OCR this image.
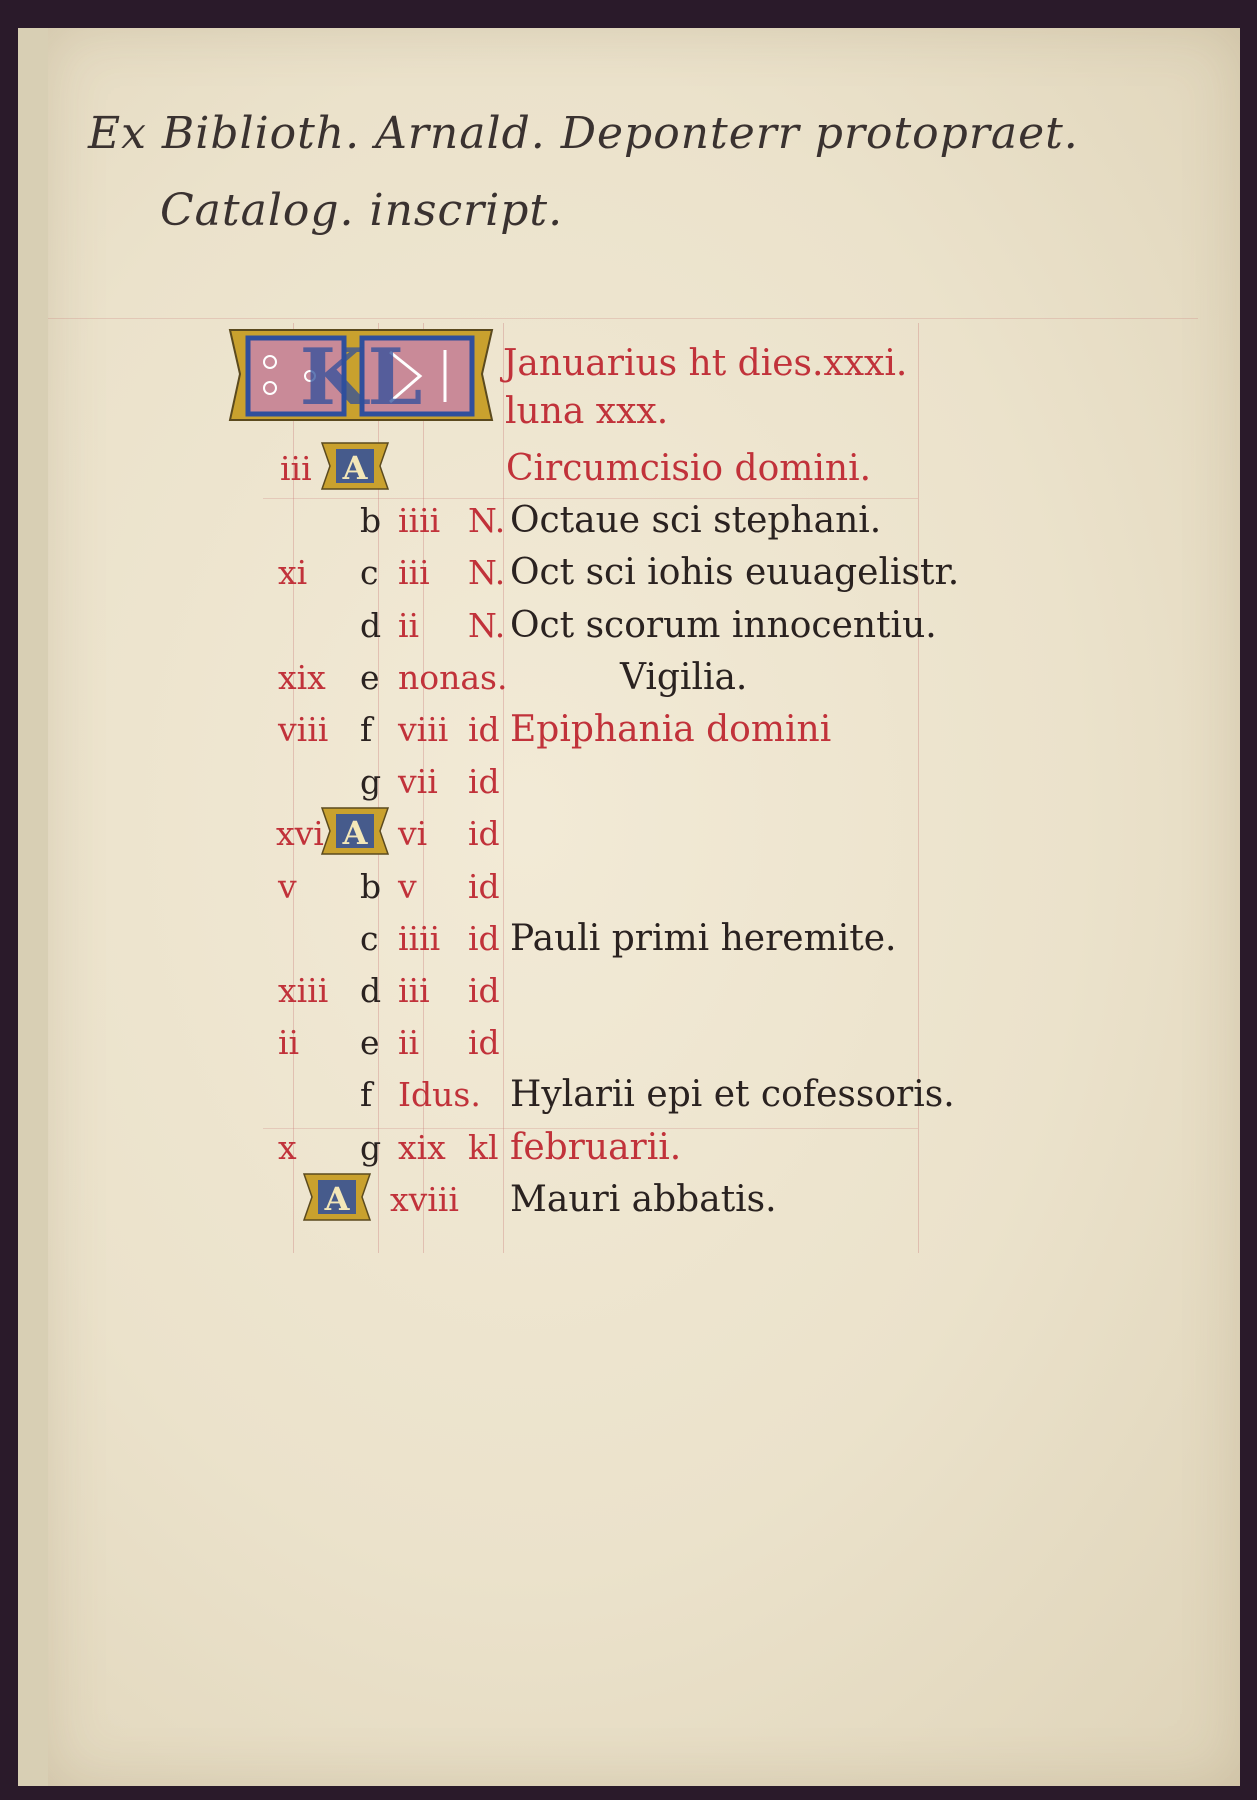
Ex Biblioth. Arnald. Deponterr protopraet.
Catalog. inscript.
KL Januarius ht dies.xxxi.
luna xxx.
iii A	Circumcisio domini.
b iiii N. Octaue sci stephani.
xi c iii N. Oct sci iohis euuagelistr.
d ii N. Oct scorum innocentiu.
xix e nonas.	Vigilia.
viii f viii id Epiphania domini
g vii id
xvi A vi id
v b v id
c iiii id Pauli primi heremite.
xiii d iii id
ii e ii id
f Idus. Hylarii epi et cofessoris.
x g xix kl februarii.
A xviii Mauri abbatis.
